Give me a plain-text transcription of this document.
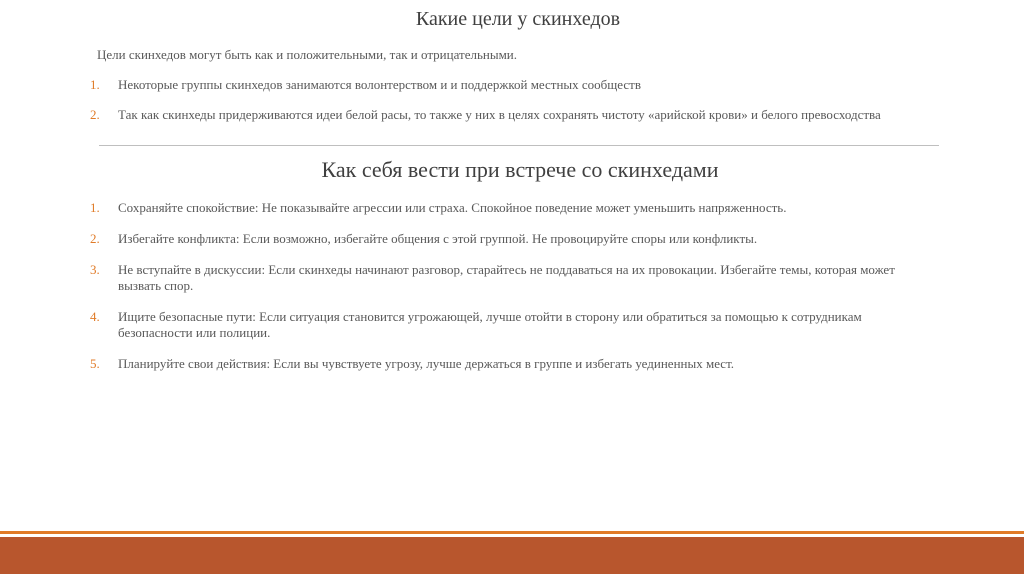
Какие цели у скинхедов
Цели скинхедов могут быть как и положительными, так и отрицательными.
1. Некоторые группы скинхедов занимаются волонтерством и и поддержкой местных сообществ
2. Так как скинхеды придерживаются идеи белой расы, то также у них в целях сохранять чистоту «арийской крови» и белого превосходства
Как себя вести при встрече со скинхедами
1. Сохраняйте спокойствие: Не показывайте агрессии или страха. Спокойное поведение может уменьшить напряженность.
2. Избегайте конфликта: Если возможно, избегайте общения с этой группой. Не провоцируйте споры или конфликты.
3. Не вступайте в дискуссии: Если скинхеды начинают разговор, старайтесь не поддаваться на их провокации. Избегайте темы, которая может вызвать спор.
4. Ищите безопасные пути: Если ситуация становится угрожающей, лучше отойти в сторону или обратиться за помощью к сотрудникам безопасности или полиции.
5. Планируйте свои действия: Если вы чувствуете угрозу, лучше держаться в группе и избегать уединенных мест.
